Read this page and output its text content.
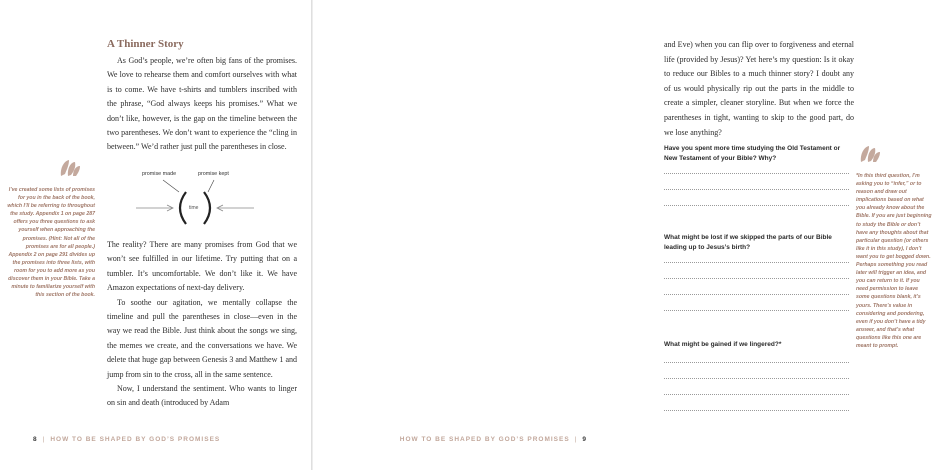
A Thinner Story

As God’s people, we’re often big fans of the promises. We love to rehearse them and comfort ourselves with what is to come. We have t-shirts and tumblers inscribed with the phrase, “God always keeps his promises.” What we don’t like, however, is the gap on the timeline between the two parentheses. We don’t want to experience the “cling in between.” We’d rather just pull the parentheses in close.

promise made	promise kept
time

The reality? There are many promises from God that we won’t see fulfilled in our lifetime. Try putting that on a tumbler. It’s uncomfortable. We don’t like it. We have Amazon expectations of next-day delivery.

To soothe our agitation, we mentally collapse the timeline and pull the parentheses in close—even in the way we read the Bible. Just think about the songs we sing, the memes we create, and the conversations we have. We delete that huge gap between Genesis 3 and Matthew 1 and jump from sin to the cross, all in the same sentence.

Now, I understand the sentiment. Who wants to linger on sin and death (introduced by Adam

I’ve created some lists of promises for you in the back of the book, which I’ll be referring to throughout the study. Appendix 1 on page 287 offers you three questions to ask yourself when approaching the promises. (Hint: Not all of the promises are for all people.) Appendix 2 on page 291 divides up the promises into three lists, with room for you to add more as you discover them in your Bible. Take a minute to familiarize yourself with this section of the book.
8 | HOW TO BE SHAPED BY GOD’S PROMISES

and Eve) when you can flip over to forgiveness and eternal life (provided by Jesus)? Yet here’s my question: Is it okay to reduce our Bibles to a much thinner story? I doubt any of us would physically rip out the parts in the middle to create a simpler, cleaner storyline. But when we force the parentheses in tight, wanting to skip to the good part, do we lose anything?

Have you spent more time studying the Old Testament or New Testament of your Bible? Why?
What might be lost if we skipped the parts of our Bible leading up to Jesus’s birth?
What might be gained if we lingered?*
*In this third question, I’m asking you to “infer,” or to reason and draw out implications based on what you already know about the Bible. If you are just beginning to study the Bible or don’t have any thoughts about that particular question (or others like it in this study), I don’t want you to get bogged down. Perhaps something you read later will trigger an idea, and you can return to it. If you need permission to leave some questions blank, it’s yours. There’s value in considering and pondering, even if you don’t have a tidy answer, and that’s what questions like this one are meant to prompt.
HOW TO BE SHAPED BY GOD’S PROMISES | 9
